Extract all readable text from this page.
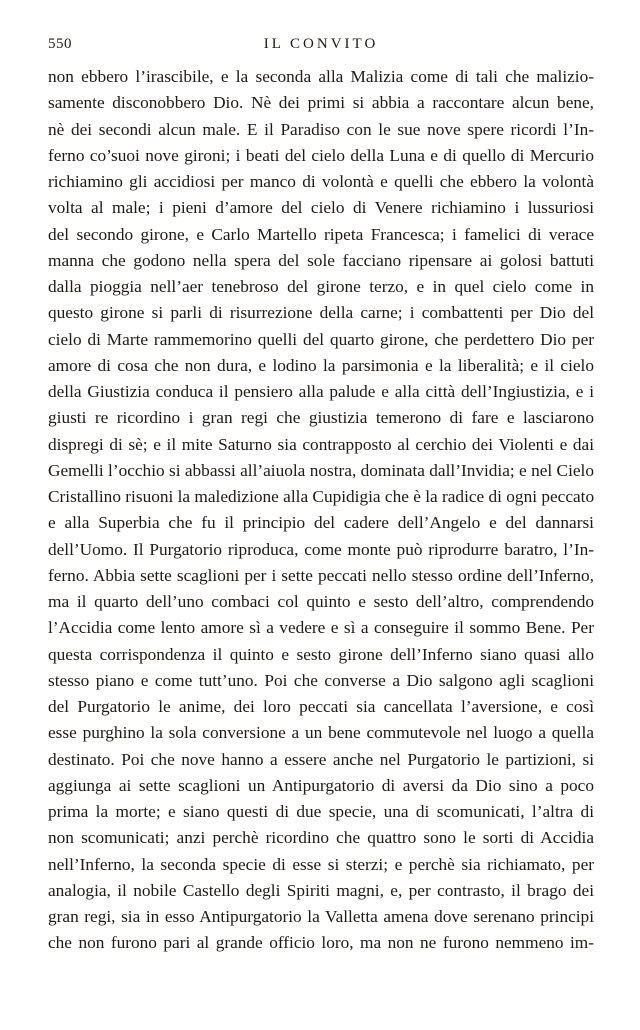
550	IL CONVITO
non ebbero l’irascibile, e la seconda alla Malizia come di tali che malizio-
samente disconobbero Dio. Nè dei primi si abbia a raccontare alcun bene,
nè dei secondi alcun male. E il Paradiso con le sue nove spere ricordi l’In-
ferno co’suoi nove gironi; i beati del cielo della Luna e di quello di Mercurio
richiamino gli accidiosi per manco di volontà e quelli che ebbero la volontà
volta al male; i pieni d’amore del cielo di Venere richiamino i lussuriosi
del secondo girone, e Carlo Martello ripeta Francesca; i famelici di verace
manna che godono nella spera del sole facciano ripensare ai golosi battuti
dalla pioggia nell’aer tenebroso del girone terzo, e in quel cielo come in
questo girone si parli di risurrezione della carne; i combattenti per Dio del
cielo di Marte rammemorino quelli del quarto girone, che perdettero Dio per
amore di cosa che non dura, e lodino la parsimonia e la liberalità; e il cielo
della Giustizia conduca il pensiero alla palude e alla città dell’Ingiustizia, e i
giusti re ricordino i gran regi che giustizia temerono di fare e lasciarono
dispregi di sè; e il mite Saturno sia contrapposto al cerchio dei Violenti e dai
Gemelli l’occhio si abbassi all’aiuola nostra, dominata dall’Invidia; e nel Cielo
Cristallino risuoni la maledizione alla Cupidigia che è la radice di ogni peccato
e alla Superbia che fu il principio del cadere dell’Angelo e del dannarsi
dell’Uomo. Il Purgatorio riproduca, come monte può riprodurre baratro, l’In-
ferno. Abbia sette scaglioni per i sette peccati nello stesso ordine dell’Inferno,
ma il quarto dell’uno combaci col quinto e sesto dell’altro, comprendendo
l’Accidia come lento amore sì a vedere e sì a conseguire il sommo Bene. Per
questa corrispondenza il quinto e sesto girone dell’Inferno siano quasi allo
stesso piano e come tutt’uno. Poi che converse a Dio salgono agli scaglioni
del Purgatorio le anime, dei loro peccati sia cancellata l’aversione, e così
esse purghino la sola conversione a un bene commutevole nel luogo a quella
destinato. Poi che nove hanno a essere anche nel Purgatorio le partizioni, si
aggiunga ai sette scaglioni un Antipurgatorio di aversi da Dio sino a poco
prima la morte; e siano questi di due specie, una di scomunicati, l’altra di
non scomunicati; anzi perchè ricordino che quattro sono le sorti di Accidia
nell’Inferno, la seconda specie di esse si sterzi; e perchè sia richiamato, per
analogia, il nobile Castello degli Spiriti magni, e, per contrasto, il brago dei
gran regi, sia in esso Antipurgatorio la Valletta amena dove serenano principi
che non furono pari al grande officio loro, ma non ne furono nemmeno im-
